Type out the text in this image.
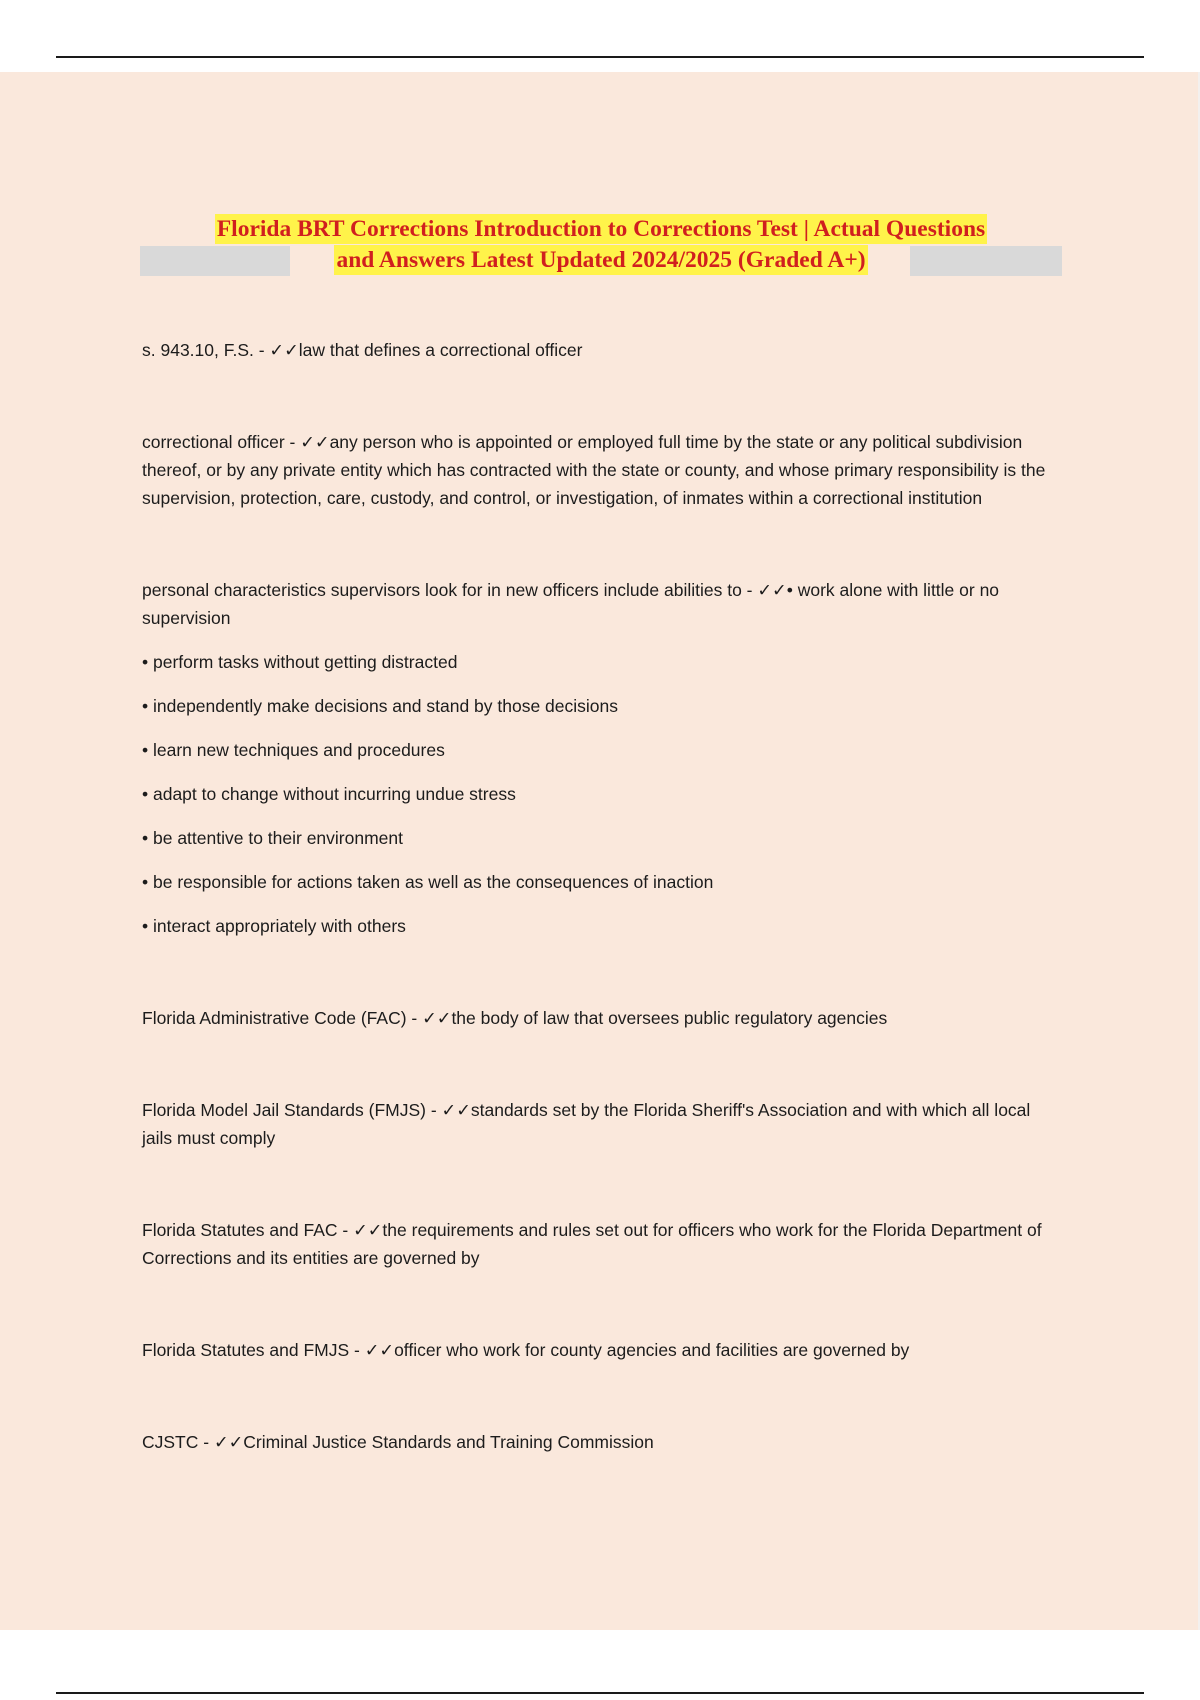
Florida BRT Corrections Introduction to Corrections Test | Actual Questions
and Answers Latest Updated 2024/2025 (Graded A+)

s. 943.10, F.S. - ✓✓law that defines a correctional officer

correctional officer - ✓✓any person who is appointed or employed full time by the state or any political subdivision thereof, or by any private entity which has contracted with the state or county, and whose primary responsibility is the supervision, protection, care, custody, and control, or investigation, of inmates within a correctional institution

personal characteristics supervisors look for in new officers include abilities to - ✓✓• work alone with little or no supervision

• perform tasks without getting distracted

• independently make decisions and stand by those decisions

• learn new techniques and procedures

• adapt to change without incurring undue stress

• be attentive to their environment

• be responsible for actions taken as well as the consequences of inaction

• interact appropriately with others

Florida Administrative Code (FAC) - ✓✓the body of law that oversees public regulatory agencies

Florida Model Jail Standards (FMJS) - ✓✓standards set by the Florida Sheriff's Association and with which all local jails must comply

Florida Statutes and FAC - ✓✓the requirements and rules set out for officers who work for the Florida Department of Corrections and its entities are governed by

Florida Statutes and FMJS - ✓✓officer who work for county agencies and facilities are governed by

CJSTC - ✓✓Criminal Justice Standards and Training Commission
